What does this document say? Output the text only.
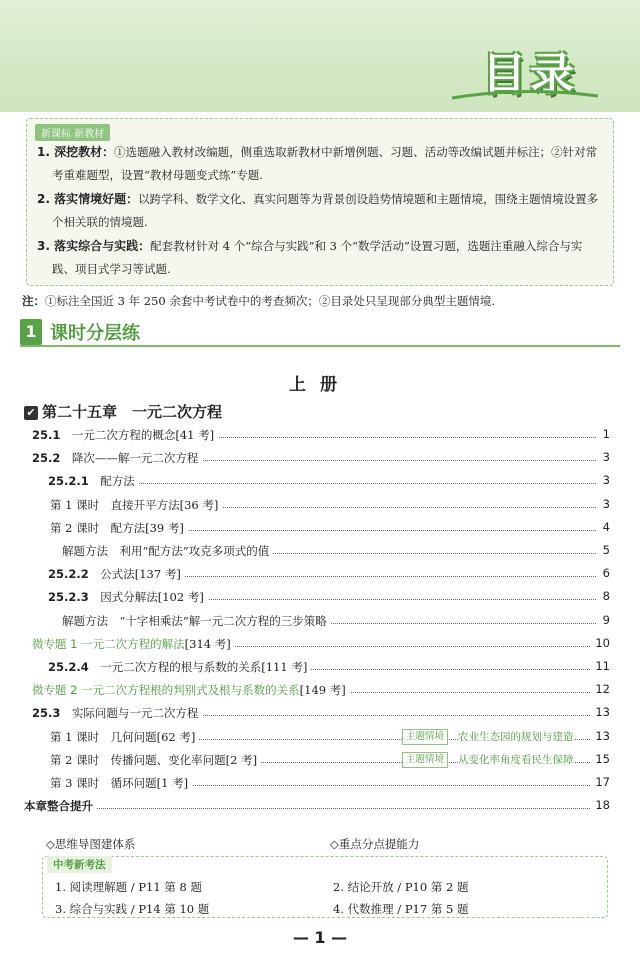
目录
新课标 新教材
1. 深挖教材：①选题融入教材改编题，侧重选取新教材中新增例题、习题、活动等改编试题并标注；②针对常
考重难题型，设置“教材母题变式练”专题.
2. 落实情境好题：以跨学科、数学文化、真实问题等为背景创设趋势情境题和主题情境，围绕主题情境设置多
个相关联的情境题.
3. 落实综合与实践：配套教材针对 4 个“综合与实践”和 3 个“数学活动”设置习题，选题注重融入综合与实
践、项目式学习等试题.
注：①标注全国近 3 年 250 余套中考试卷中的考查频次；②目录处只呈现部分典型主题情境.
1 课时分层练
上册
✔ 第二十五章　一元二次方程
25.1　一元二次方程的概念[41 考]	1
25.2　降次——解一元二次方程	3
25.2.1　配方法	3
第 1 课时　直接开平方法[36 考]	3
第 2 课时　配方法[39 考]	4
解题方法　利用“配方法”攻克多项式的值	5
25.2.2　公式法[137 考]	6
25.2.3　因式分解法[102 考]	8
解题方法　“十字相乘法”解一元二次方程的三步策略	9
微专题 1 一元二次方程的解法[314 考]	10
25.2.4　一元二次方程的根与系数的关系[111 考]	11
微专题 2 一元二次方程根的判别式及根与系数的关系[149 考]	12
25.3　实际问题与一元二次方程	13
第 1 课时　几何问题[62 考]	主题情境	农业生态园的规划与建造	13
第 2 课时　传播问题、变化率问题[2 考]	主题情境	从变化率角度看民生保障	15
第 3 课时　循环问题[1 考]	17
本章整合提升	18
◇思维导图建体系	◇重点分点提能力
中考新考法
1. 阅读理解题 / P11 第 8 题	2. 结论开放 / P10 第 2 题
3. 综合与实践 / P14 第 10 题	4. 代数推理 / P17 第 5 题
— 1 —
